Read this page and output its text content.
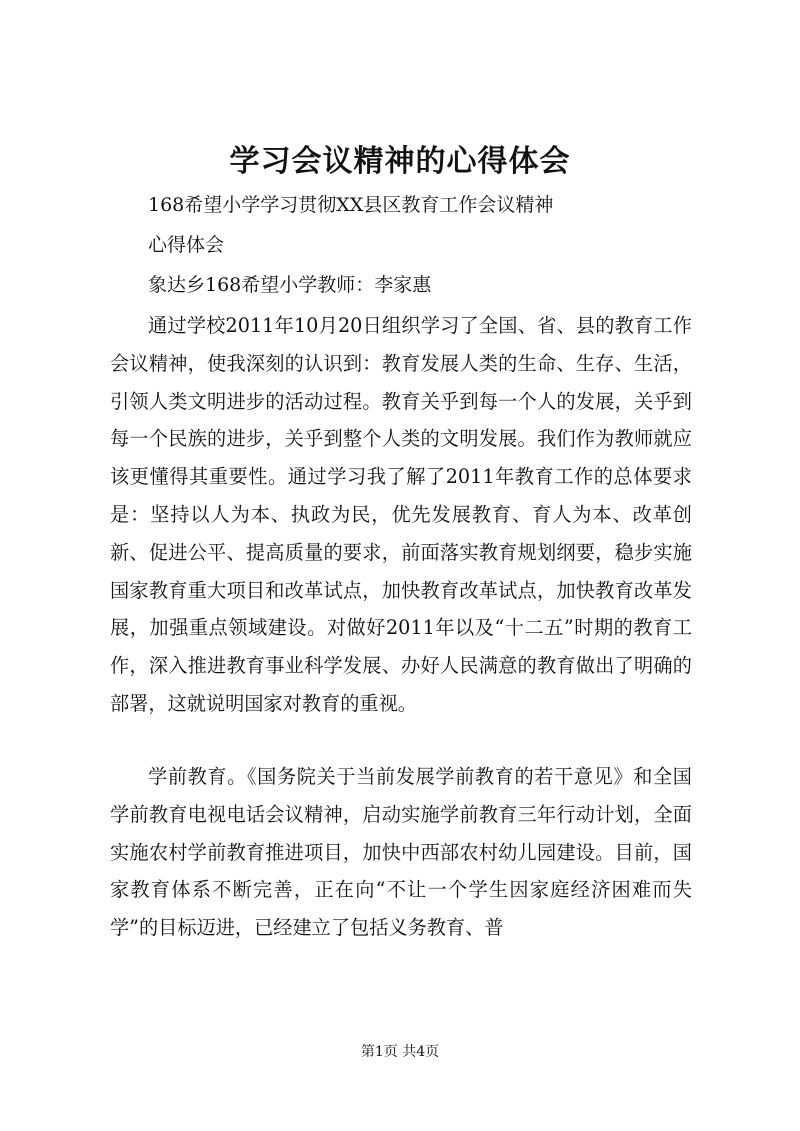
学习会议精神的心得体会
168希望小学学习贯彻XX县区教育工作会议精神
心得体会
象达乡168希望小学教师：李家惠

通过学校2011年10月20日组织学习了全国、省、县的教育工作会议精神，使我深刻的认识到：教育发展人类的生命、生存、生活，引领人类文明进步的活动过程。教育关乎到每一个人的发展，关乎到每一个民族的进步，关乎到整个人类的文明发展。我们作为教师就应该更懂得其重要性。通过学习我了解了2011年教育工作的总体要求是：坚持以人为本、执政为民，优先发展教育、育人为本、改革创新、促进公平、提高质量的要求，前面落实教育规划纲要，稳步实施国家教育重大项目和改革试点，加快教育改革试点，加快教育改革发展，加强重点领域建设。对做好2011年以及“十二五”时期的教育工作，深入推进教育事业科学发展、办好人民满意的教育做出了明确的部署，这就说明国家对教育的重视。

学前教育。《国务院关于当前发展学前教育的若干意见》和全国学前教育电视电话会议精神，启动实施学前教育三年行动计划，全面实施农村学前教育推进项目，加快中西部农村幼儿园建设。目前，国家教育体系不断完善，正在向“不让一个学生因家庭经济困难而失学”的目标迈进，已经建立了包括义务教育、普

第1页 共4页
